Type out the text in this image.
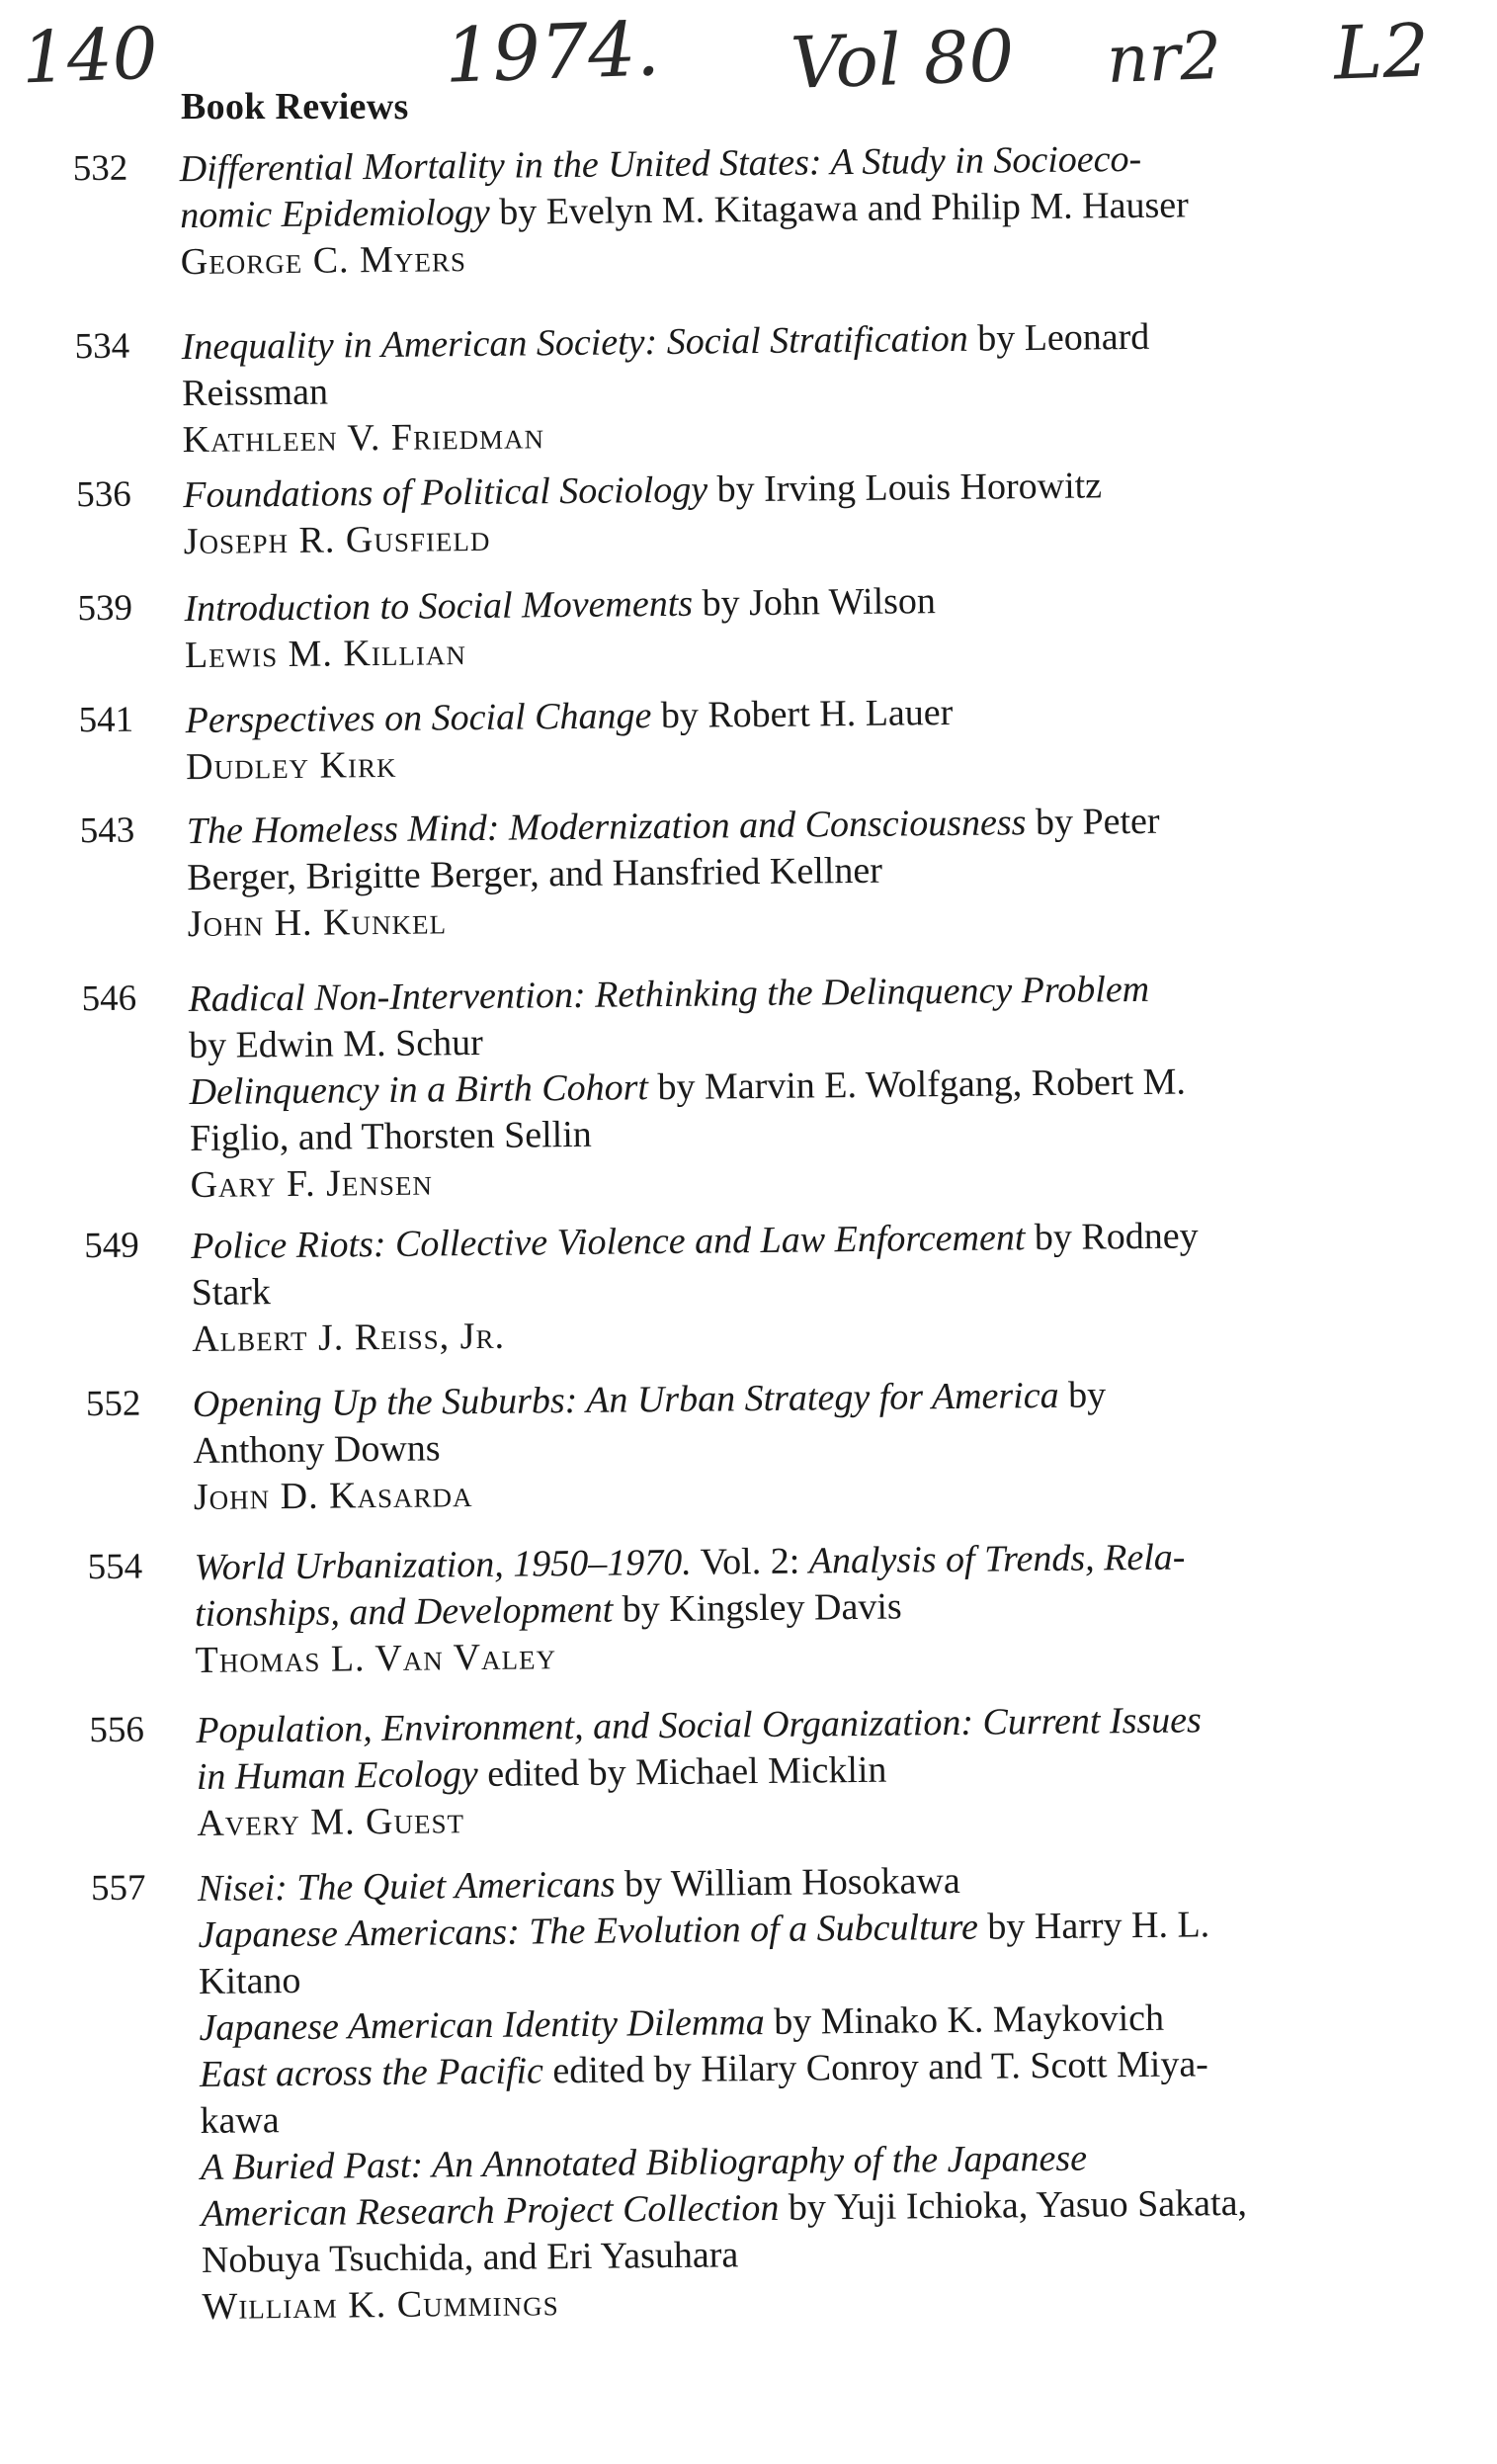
140	1974. Vol 80 nr2 L2
Book Reviews
532 Differential Mortality in the United States: A Study in Socioeco-
nomic Epidemiology by Evelyn M. Kitagawa and Philip M. Hauser
George C. Myers
534 Inequality in American Society: Social Stratification by Leonard
Reissman
Kathleen V. Friedman
536 Foundations of Political Sociology by Irving Louis Horowitz
Joseph R. Gusfield
539 Introduction to Social Movements by John Wilson
Lewis M. Killian
541 Perspectives on Social Change by Robert H. Lauer
Dudley Kirk
543 The Homeless Mind: Modernization and Consciousness by Peter
Berger, Brigitte Berger, and Hansfried Kellner
John H. Kunkel
546 Radical Non-Intervention: Rethinking the Delinquency Problem
by Edwin M. Schur
Delinquency in a Birth Cohort by Marvin E. Wolfgang, Robert M.
Figlio, and Thorsten Sellin
Gary F. Jensen
549 Police Riots: Collective Violence and Law Enforcement by Rodney
Stark
Albert J. Reiss, Jr.
552 Opening Up the Suburbs: An Urban Strategy for America by
Anthony Downs
John D. Kasarda
554 World Urbanization, 1950–1970. Vol. 2: Analysis of Trends, Rela-
tionships, and Development by Kingsley Davis
Thomas L. Van Valey
556 Population, Environment, and Social Organization: Current Issues
in Human Ecology edited by Michael Micklin
Avery M. Guest
557 Nisei: The Quiet Americans by William Hosokawa
Japanese Americans: The Evolution of a Subculture by Harry H. L.
Kitano
Japanese American Identity Dilemma by Minako K. Maykovich
East across the Pacific edited by Hilary Conroy and T. Scott Miya-
kawa
A Buried Past: An Annotated Bibliography of the Japanese
American Research Project Collection by Yuji Ichioka, Yasuo Sakata,
Nobuya Tsuchida, and Eri Yasuhara
William K. Cummings
